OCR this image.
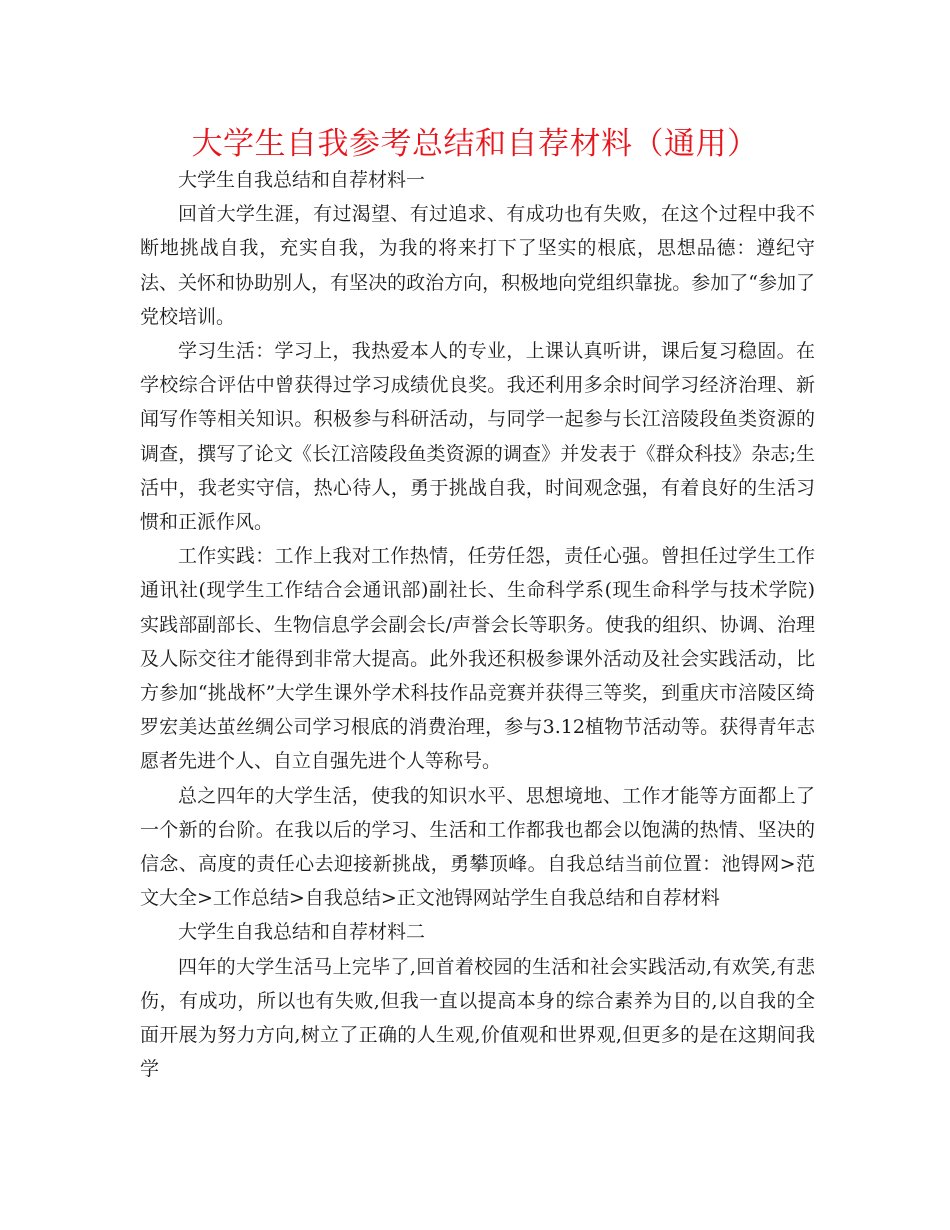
大学生自我参考总结和自荐材料（通用）

大学生自我总结和自荐材料一

回首大学生涯，有过渴望、有过追求、有成功也有失败，在这个过程中我不断地挑战自我，充实自我，为我的将来打下了坚实的根底，思想品德：遵纪守法、关怀和协助别人，有坚决的政治方向，积极地向党组织靠拢。参加了“参加了党校培训。

学习生活：学习上，我热爱本人的专业，上课认真听讲，课后复习稳固。在学校综合评估中曾获得过学习成绩优良奖。我还利用多余时间学习经济治理、新闻写作等相关知识。积极参与科研活动，与同学一起参与长江涪陵段鱼类资源的调查，撰写了论文《长江涪陵段鱼类资源的调查》并发表于《群众科技》杂志;生活中，我老实守信，热心待人，勇于挑战自我，时间观念强，有着良好的生活习惯和正派作风。

工作实践：工作上我对工作热情，任劳任怨，责任心强。曾担任过学生工作通讯社(现学生工作结合会通讯部)副社长、生命科学系(现生命科学与技术学院)实践部副部长、生物信息学会副会长/声誉会长等职务。使我的组织、协调、治理及人际交往才能得到非常大提高。此外我还积极参课外活动及社会实践活动，比方参加“挑战杯”大学生课外学术科技作品竞赛并获得三等奖，到重庆市涪陵区绮罗宏美达茧丝绸公司学习根底的消费治理，参与3.12植物节活动等。获得青年志愿者先进个人、自立自强先进个人等称号。

总之四年的大学生活，使我的知识水平、思想境地、工作才能等方面都上了一个新的台阶。在我以后的学习、生活和工作都我也都会以饱满的热情、坚决的信念、高度的责任心去迎接新挑战，勇攀顶峰。自我总结当前位置：池锝网>范文大全>工作总结>自我总结>正文池锝网站学生自我总结和自荐材料

大学生自我总结和自荐材料二

四年的大学生活马上完毕了,回首着校园的生活和社会实践活动,有欢笑,有悲伤，有成功，所以也有失败,但我一直以提高本身的综合素养为目的,以自我的全面开展为努力方向,树立了正确的人生观,价值观和世界观,但更多的是在这期间我学
